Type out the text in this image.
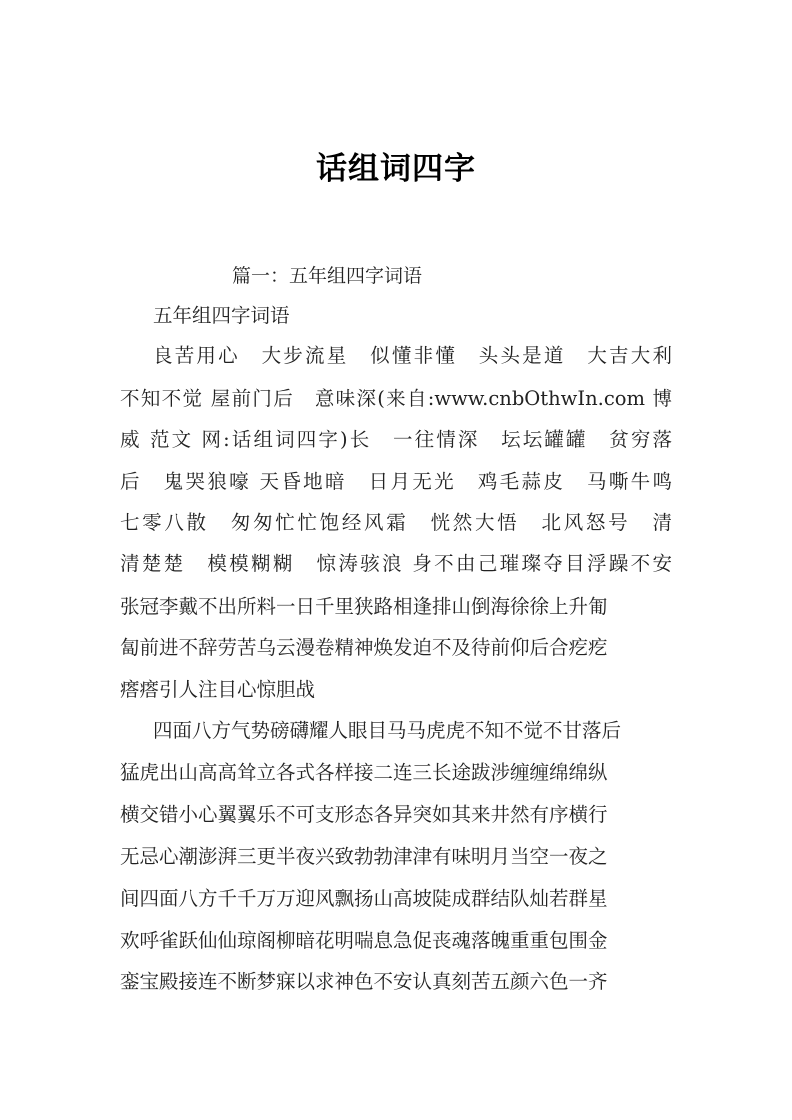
话组词四字
篇一：五年组四字词语
五年组四字词语
良苦用心　大步流星　似懂非懂　头头是道　大吉大利
不知不觉 屋前门后　意味深(来自:www.cnbOthwIn.com 博
威 范文 网:话组词四字)长　一往情深　坛坛罐罐　贫穷落
后　鬼哭狼嚎 天昏地暗　日月无光　鸡毛蒜皮　马嘶牛鸣
七零八散　匆匆忙忙饱经风霜　恍然大悟　北风怒号　清
清楚楚　模模糊糊　惊涛骇浪 身不由己璀璨夺目浮躁不安
张冠李戴不出所料一日千里狭路相逢排山倒海徐徐上升匍
匐前进不辞劳苦乌云漫卷精神焕发迫不及待前仰后合疙疙
瘩瘩引人注目心惊胆战
四面八方气势磅礴耀人眼目马马虎虎不知不觉不甘落后
猛虎出山高高耸立各式各样接二连三长途跋涉缠缠绵绵纵
横交错小心翼翼乐不可支形态各异突如其来井然有序横行
无忌心潮澎湃三更半夜兴致勃勃津津有味明月当空一夜之
间四面八方千千万万迎风飘扬山高坡陡成群结队灿若群星
欢呼雀跃仙仙琼阁柳暗花明喘息急促丧魂落魄重重包围金
銮宝殿接连不断梦寐以求神色不安认真刻苦五颜六色一齐
